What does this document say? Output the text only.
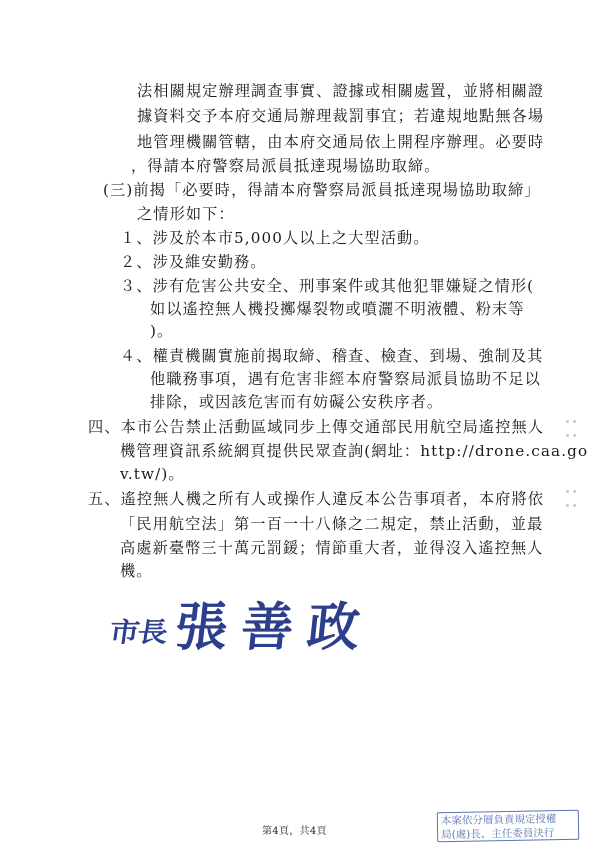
法相關規定辦理調查事實、證據或相關處置，並將相關證
據資料交予本府交通局辦理裁罰事宜；若違規地點無各場
地管理機關管轄，由本府交通局依上開程序辦理。必要時
，得請本府警察局派員抵達現場協助取締。
(三)前揭「必要時，得請本府警察局派員抵達現場協助取締」
之情形如下：
１、涉及於本市5,000人以上之大型活動。
２、涉及維安勤務。
３、涉有危害公共安全、刑事案件或其他犯罪嫌疑之情形(
如以遙控無人機投擲爆裂物或噴灑不明液體、粉末等
)。
４、權責機關實施前揭取締、稽查、檢查、到場、強制及其
他職務事項，遇有危害非經本府警察局派員協助不足以
排除，或因該危害而有妨礙公安秩序者。
四、本市公告禁止活動區域同步上傳交通部民用航空局遙控無人
機管理資訊系統網頁提供民眾查詢(網址：http://drone.caa.go
v.tw/)。
五、遙控無人機之所有人或操作人違反本公告事項者，本府將依
「民用航空法」第一百一十八條之二規定，禁止活動，並最
高處新臺幣三十萬元罰鍰；情節重大者，並得沒入遙控無人
機。
市長 張善政
第4頁，共4頁
本案依分層負責規定授權
局(處)長、主任委員決行
